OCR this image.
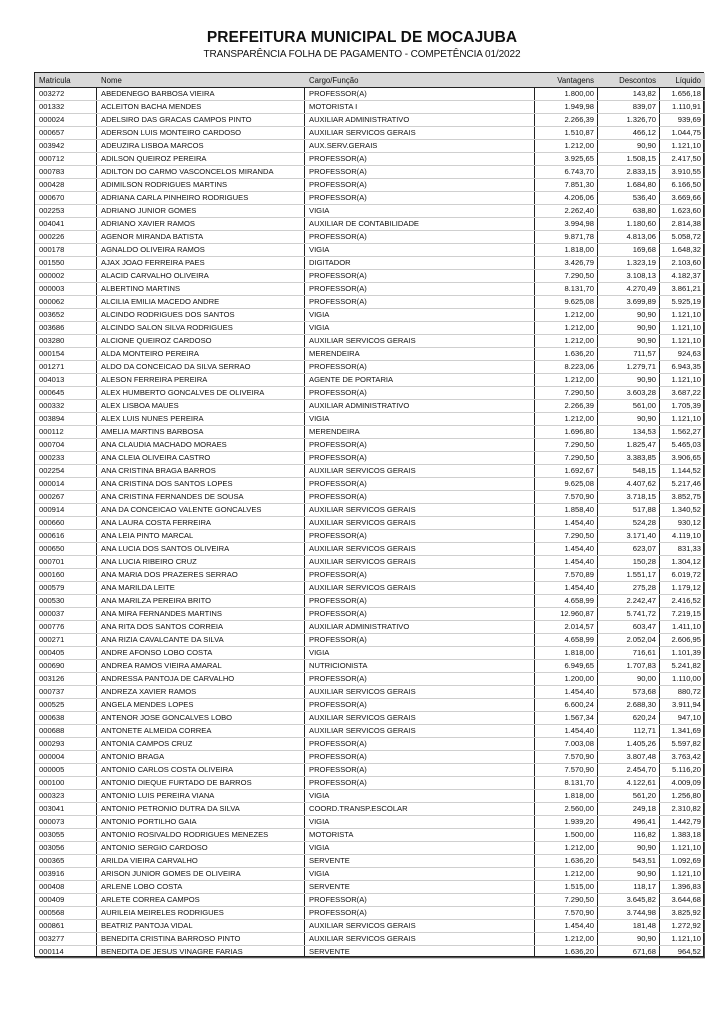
PREFEITURA MUNICIPAL DE MOCAJUBA
TRANSPARÊNCIA FOLHA DE PAGAMENTO - COMPETÊNCIA 01/2022
Matricula	Nome	Cargo/Função	Vantagens	Descontos	Líquido
003272	ABEDENEGO BARBOSA VIEIRA	PROFESSOR(A)	1.800,00	143,82	1.656,18
001332	ACLEITON BACHA MENDES	MOTORISTA I	1.949,98	839,07	1.110,91
000024	ADELSIRO DAS GRACAS CAMPOS PINTO	AUXILIAR ADMINISTRATIVO	2.266,39	1.326,70	939,69
000657	ADERSON LUIS MONTEIRO CARDOSO	AUXILIAR SERVICOS GERAIS	1.510,87	466,12	1.044,75
003942	ADEUZIRA LISBOA MARCOS	AUX.SERV.GERAIS	1.212,00	90,90	1.121,10
000712	ADILSON QUEIROZ PEREIRA	PROFESSOR(A)	3.925,65	1.508,15	2.417,50
000783	ADILTON DO CARMO VASCONCELOS MIRANDA	PROFESSOR(A)	6.743,70	2.833,15	3.910,55
000428	ADIMILSON RODRIGUES MARTINS	PROFESSOR(A)	7.851,30	1.684,80	6.166,50
000670	ADRIANA CARLA PINHEIRO RODRIGUES	PROFESSOR(A)	4.206,06	536,40	3.669,66
002253	ADRIANO JUNIOR GOMES	VIGIA	2.262,40	638,80	1.623,60
004041	ADRIANO XAVIER RAMOS	AUXILIAR DE CONTABILIDADE	3.994,98	1.180,60	2.814,38
000226	AGENOR MIRANDA BATISTA	PROFESSOR(A)	9.871,78	4.813,06	5.058,72
000178	AGNALDO OLIVEIRA RAMOS	VIGIA	1.818,00	169,68	1.648,32
001550	AJAX JOAO FERREIRA PAES	DIGITADOR	3.426,79	1.323,19	2.103,60
000002	ALACID CARVALHO OLIVEIRA	PROFESSOR(A)	7.290,50	3.108,13	4.182,37
000003	ALBERTINO MARTINS	PROFESSOR(A)	8.131,70	4.270,49	3.861,21
000062	ALCILIA EMILIA MACEDO ANDRE	PROFESSOR(A)	9.625,08	3.699,89	5.925,19
003652	ALCINDO RODRIGUES DOS SANTOS	VIGIA	1.212,00	90,90	1.121,10
003686	ALCINDO SALON SILVA RODRIGUES	VIGIA	1.212,00	90,90	1.121,10
003280	ALCIONE QUEIROZ CARDOSO	AUXILIAR SERVICOS GERAIS	1.212,00	90,90	1.121,10
000154	ALDA MONTEIRO PEREIRA	MERENDEIRA	1.636,20	711,57	924,63
001271	ALDO DA CONCEICAO DA SILVA SERRAO	PROFESSOR(A)	8.223,06	1.279,71	6.943,35
004013	ALESON FERREIRA PEREIRA	AGENTE DE PORTARIA	1.212,00	90,90	1.121,10
000645	ALEX HUMBERTO GONCALVES DE OLIVEIRA	PROFESSOR(A)	7.290,50	3.603,28	3.687,22
000332	ALEX LISBOA MAUES	AUXILIAR ADMINISTRATIVO	2.266,39	561,00	1.705,39
003894	ALEX LUIS NUNES PEREIRA	VIGIA	1.212,00	90,90	1.121,10
000112	AMELIA MARTINS BARBOSA	MERENDEIRA	1.696,80	134,53	1.562,27
000704	ANA CLAUDIA MACHADO MORAES	PROFESSOR(A)	7.290,50	1.825,47	5.465,03
000233	ANA CLEIA OLIVEIRA CASTRO	PROFESSOR(A)	7.290,50	3.383,85	3.906,65
002254	ANA CRISTINA BRAGA BARROS	AUXILIAR SERVICOS GERAIS	1.692,67	548,15	1.144,52
000014	ANA CRISTINA DOS SANTOS LOPES	PROFESSOR(A)	9.625,08	4.407,62	5.217,46
000267	ANA CRISTINA FERNANDES DE SOUSA	PROFESSOR(A)	7.570,90	3.718,15	3.852,75
000914	ANA DA CONCEICAO VALENTE GONCALVES	AUXILIAR SERVICOS GERAIS	1.858,40	517,88	1.340,52
000660	ANA LAURA COSTA FERREIRA	AUXILIAR SERVICOS GERAIS	1.454,40	524,28	930,12
000616	ANA LEIA PINTO MARCAL	PROFESSOR(A)	7.290,50	3.171,40	4.119,10
000650	ANA LUCIA DOS SANTOS OLIVEIRA	AUXILIAR SERVICOS GERAIS	1.454,40	623,07	831,33
000701	ANA LUCIA RIBEIRO CRUZ	AUXILIAR SERVICOS GERAIS	1.454,40	150,28	1.304,12
000160	ANA MARIA DOS PRAZERES SERRAO	PROFESSOR(A)	7.570,89	1.551,17	6.019,72
000579	ANA MARILDA LEITE	AUXILIAR SERVICOS GERAIS	1.454,40	275,28	1.179,12
000530	ANA MARILZA PEREIRA BRITO	PROFESSOR(A)	4.658,99	2.242,47	2.416,52
000037	ANA MIRA FERNANDES MARTINS	PROFESSOR(A)	12.960,87	5.741,72	7.219,15
000776	ANA RITA DOS SANTOS CORREIA	AUXILIAR ADMINISTRATIVO	2.014,57	603,47	1.411,10
000271	ANA RIZIA CAVALCANTE DA SILVA	PROFESSOR(A)	4.658,99	2.052,04	2.606,95
000405	ANDRE AFONSO LOBO COSTA	VIGIA	1.818,00	716,61	1.101,39
000690	ANDREA RAMOS VIEIRA AMARAL	NUTRICIONISTA	6.949,65	1.707,83	5.241,82
003126	ANDRESSA PANTOJA DE CARVALHO	PROFESSOR(A)	1.200,00	90,00	1.110,00
000737	ANDREZA XAVIER RAMOS	AUXILIAR SERVICOS GERAIS	1.454,40	573,68	880,72
000525	ANGELA MENDES LOPES	PROFESSOR(A)	6.600,24	2.688,30	3.911,94
000638	ANTENOR JOSE GONCALVES LOBO	AUXILIAR SERVICOS GERAIS	1.567,34	620,24	947,10
000688	ANTONETE ALMEIDA CORREA	AUXILIAR SERVICOS GERAIS	1.454,40	112,71	1.341,69
000293	ANTONIA CAMPOS CRUZ	PROFESSOR(A)	7.003,08	1.405,26	5.597,82
000004	ANTONIO BRAGA	PROFESSOR(A)	7.570,90	3.807,48	3.763,42
000005	ANTONIO CARLOS COSTA OLIVEIRA	PROFESSOR(A)	7.570,90	2.454,70	5.116,20
000100	ANTONIO DIEQUE FURTADO DE BARROS	PROFESSOR(A)	8.131,70	4.122,61	4.009,09
000323	ANTONIO LUIS PEREIRA VIANA	VIGIA	1.818,00	561,20	1.256,80
003041	ANTONIO PETRONIO DUTRA DA SILVA	COORD.TRANSP.ESCOLAR	2.560,00	249,18	2.310,82
000073	ANTONIO PORTILHO GAIA	VIGIA	1.939,20	496,41	1.442,79
003055	ANTONIO ROSIVALDO RODRIGUES MENEZES	MOTORISTA	1.500,00	116,82	1.383,18
003056	ANTONIO SERGIO CARDOSO	VIGIA	1.212,00	90,90	1.121,10
000365	ARILDA VIEIRA CARVALHO	SERVENTE	1.636,20	543,51	1.092,69
003916	ARISON JUNIOR GOMES DE OLIVEIRA	VIGIA	1.212,00	90,90	1.121,10
000408	ARLENE LOBO COSTA	SERVENTE	1.515,00	118,17	1.396,83
000409	ARLETE CORREA CAMPOS	PROFESSOR(A)	7.290,50	3.645,82	3.644,68
000568	AURILEIA MEIRELES RODRIGUES	PROFESSOR(A)	7.570,90	3.744,98	3.825,92
000861	BEATRIZ PANTOJA VIDAL	AUXILIAR SERVICOS GERAIS	1.454,40	181,48	1.272,92
003277	BENEDITA CRISTINA BARROSO PINTO	AUXILIAR SERVICOS GERAIS	1.212,00	90,90	1.121,10
000114	BENEDITA DE JESUS VINAGRE FARIAS	SERVENTE	1.636,20	671,68	964,52
